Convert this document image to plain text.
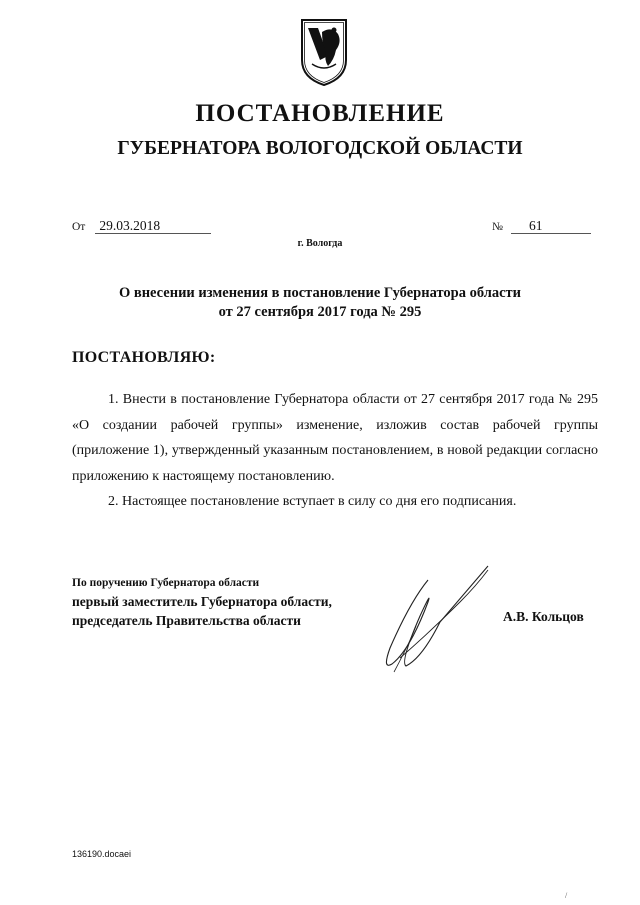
ПОСТАНОВЛЕНИЕ
ГУБЕРНАТОРА ВОЛОГОДСКОЙ ОБЛАСТИ
От 29.03.2018	№ 61
г. Вологда
О внесении изменения в постановление Губернатора области
от 27 сентября 2017 года № 295
ПОСТАНОВЛЯЮ:

1. Внести в постановление Губернатора области от 27 сентября 2017 года № 295 «О создании рабочей группы» изменение, изложив состав рабочей группы (приложение 1), утвержденный указанным постановлением, в новой редакции согласно приложению к настоящему постановлению.

2. Настоящее постановление вступает в силу со дня его подписания.

По поручению Губернатора области
первый заместитель Губернатора области,
председатель Правительства области	А.В. Кольцов
136190.docaei
/
